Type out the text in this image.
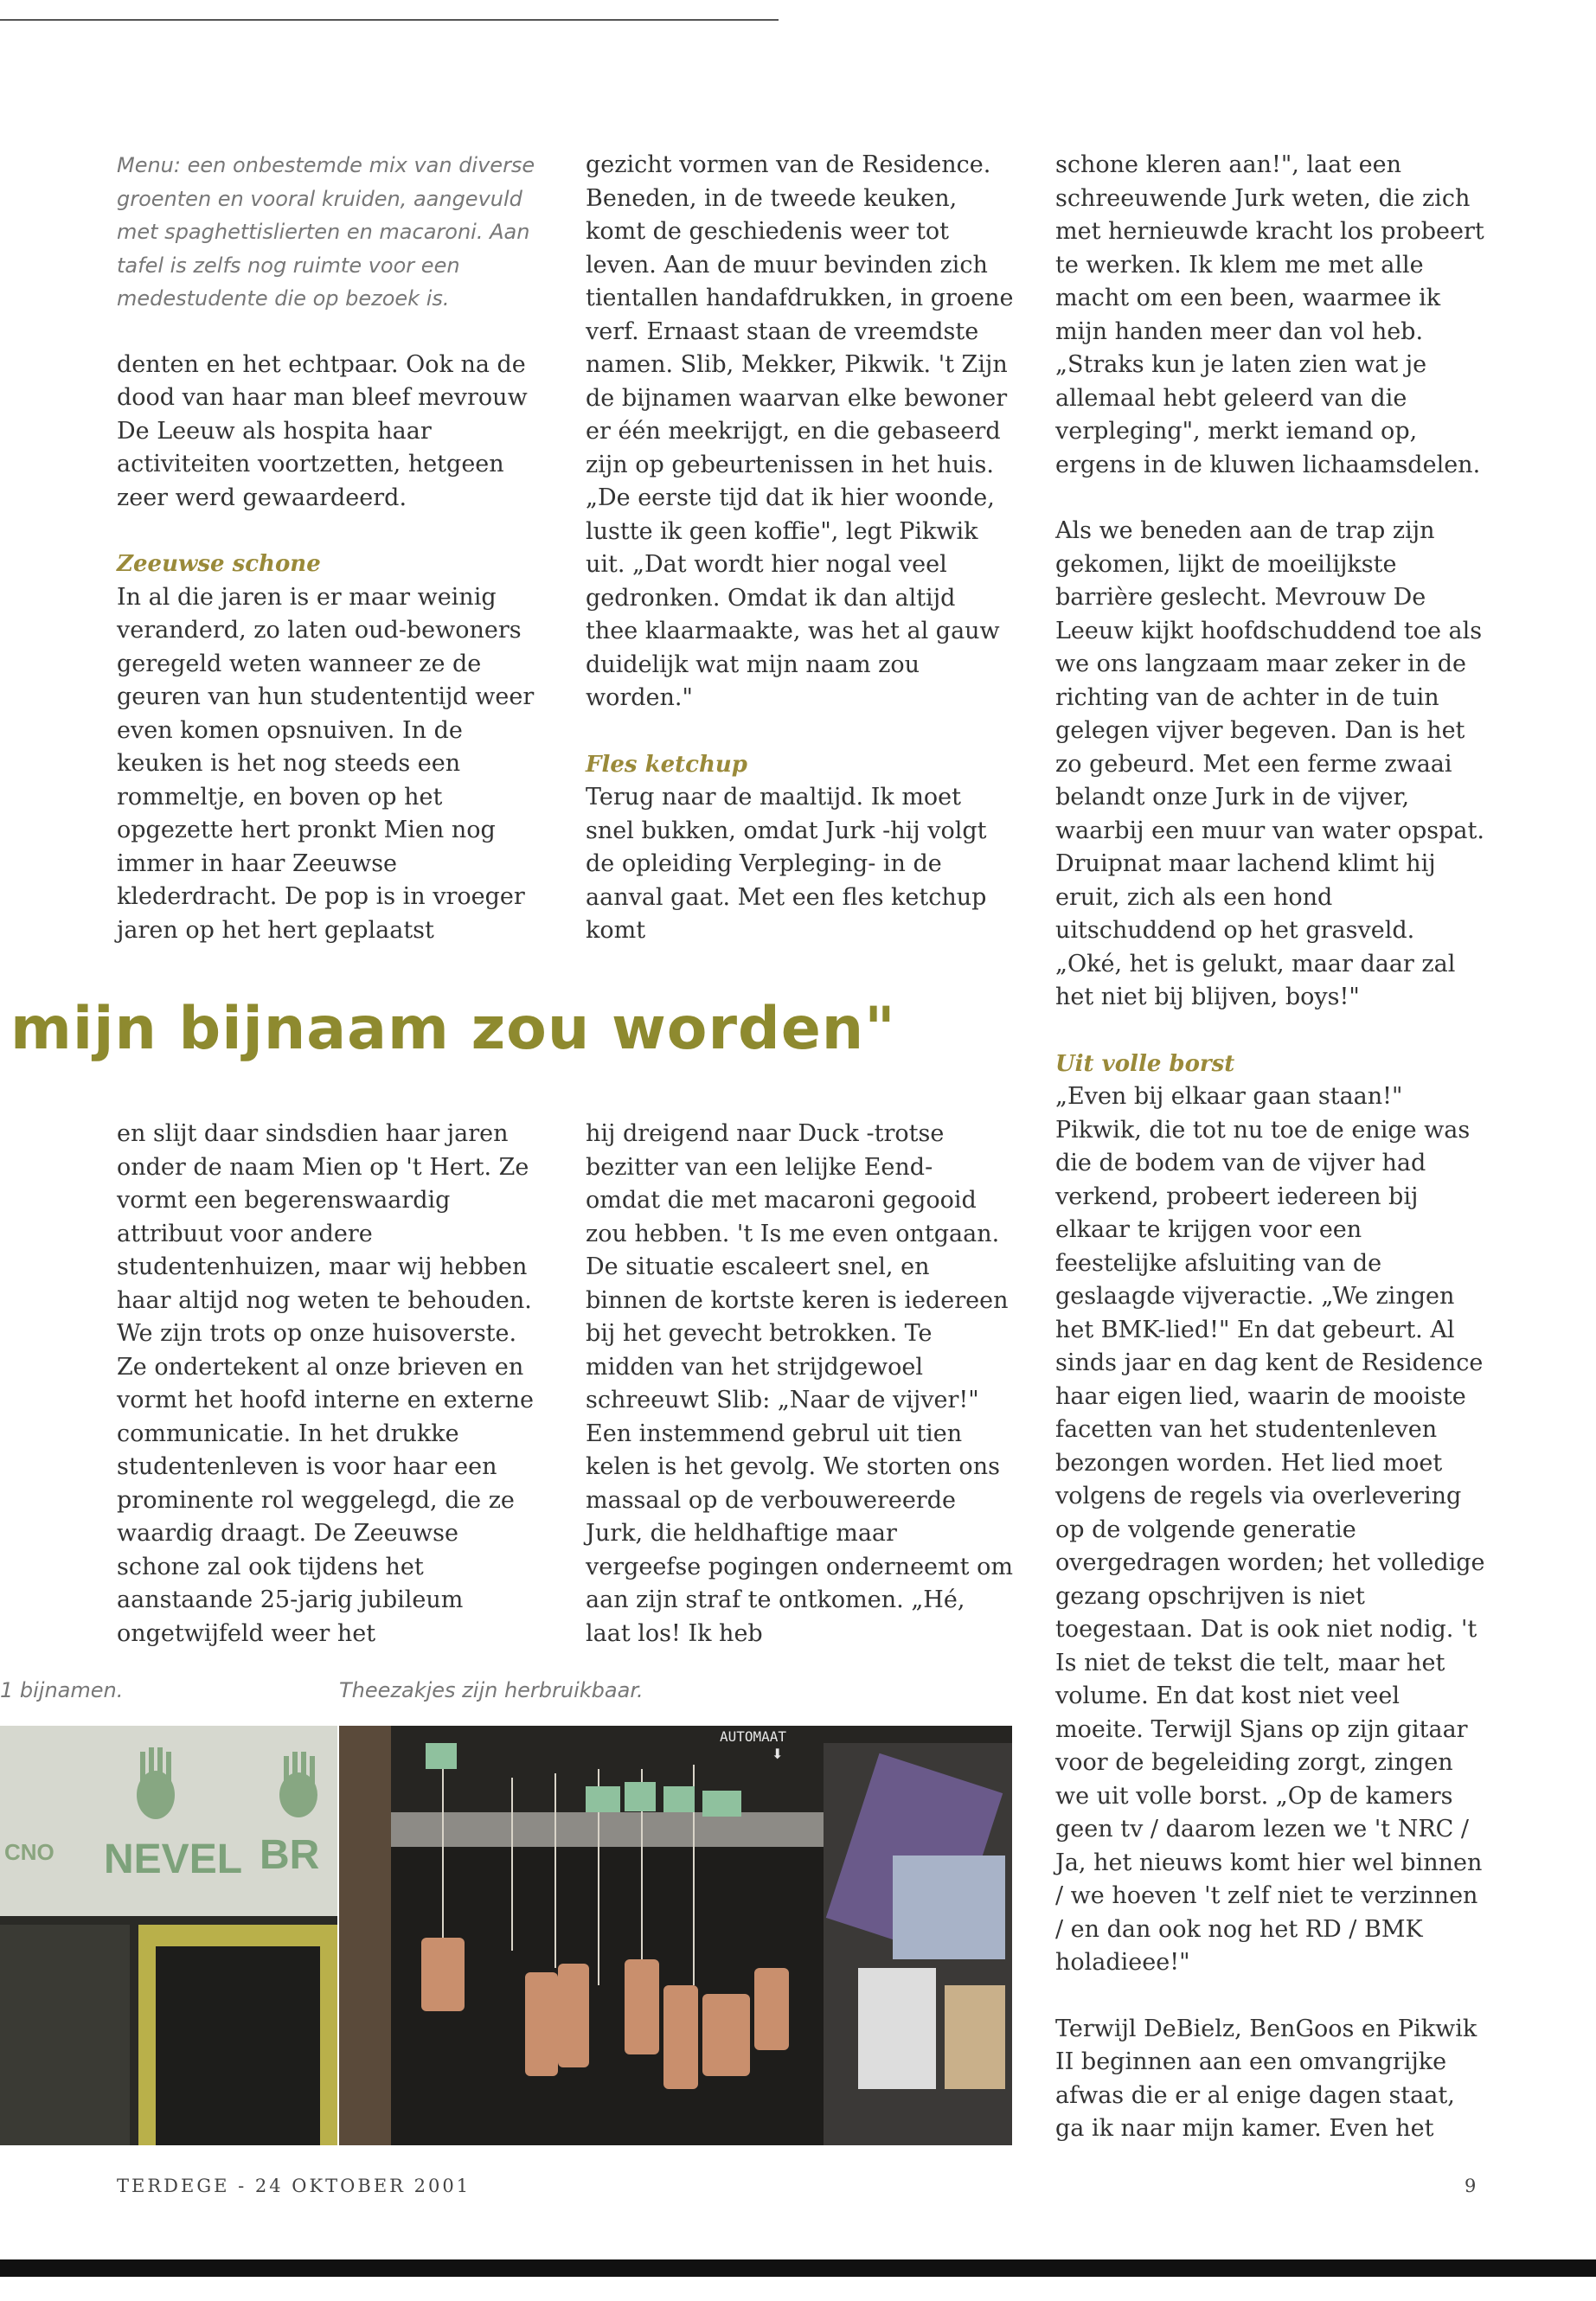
Menu: een onbestemde mix van diverse groenten en vooral kruiden, aangevuld met spaghettislierten en macaroni. Aan tafel is zelfs nog ruimte voor een medestudente die op bezoek is.

denten en het echtpaar. Ook na de dood van haar man bleef mevrouw De Leeuw als hospita haar activiteiten voortzetten, hetgeen zeer werd gewaardeerd.

Zeeuwse schone

In al die jaren is er maar weinig veranderd, zo laten oud-bewoners geregeld weten wanneer ze de geuren van hun studententijd weer even komen opsnuiven. In de keuken is het nog steeds een rommeltje, en boven op het opgezette hert pronkt Mien nog immer in haar Zeeuwse klederdracht. De pop is in vroeger jaren op het hert geplaatst

gezicht vormen van de Residence. Beneden, in de tweede keuken, komt de geschiedenis weer tot leven. Aan de muur bevinden zich tientallen handafdrukken, in groene verf. Ernaast staan de vreemdste namen. Slib, Mekker, Pikwik. 't Zijn de bijnamen waarvan elke bewoner er één meekrijgt, en die gebaseerd zijn op gebeurtenissen in het huis. „De eerste tijd dat ik hier woonde, lustte ik geen koffie", legt Pikwik uit. „Dat wordt hier nogal veel gedronken. Omdat ik dan altijd thee klaarmaakte, was het al gauw duidelijk wat mijn naam zou worden."

Fles ketchup

Terug naar de maaltijd. Ik moet snel bukken, omdat Jurk -hij volgt de opleiding Verpleging- in de aanval gaat. Met een fles ketchup komt

schone kleren aan!", laat een schreeuwende Jurk weten, die zich met hernieuwde kracht los probeert te werken. Ik klem me met alle macht om een been, waarmee ik mijn handen meer dan vol heb. „Straks kun je laten zien wat je allemaal hebt geleerd van die verpleging", merkt iemand op, ergens in de kluwen lichaamsdelen.

Als we beneden aan de trap zijn gekomen, lijkt de moeilijkste barrière geslecht. Mevrouw De Leeuw kijkt hoofdschuddend toe als we ons langzaam maar zeker in de richting van de achter in de tuin gelegen vijver begeven. Dan is het zo gebeurd. Met een ferme zwaai belandt onze Jurk in de vijver, waarbij een muur van water opspat. Druipnat maar lachend klimt hij eruit, zich als een hond uitschuddend op het grasveld. „Oké, het is gelukt, maar daar zal het niet bij blijven, boys!"

Uit volle borst

„Even bij elkaar gaan staan!" Pikwik, die tot nu toe de enige was die de bodem van de vijver had verkend, probeert iedereen bij elkaar te krijgen voor een feestelijke afsluiting van de geslaagde vijveractie. „We zingen het BMK-lied!" En dat gebeurt. Al sinds jaar en dag kent de Residence haar eigen lied, waarin de mooiste facetten van het studentenleven bezongen worden. Het lied moet volgens de regels via overlevering op de volgende generatie overgedragen worden; het volledige gezang opschrijven is niet toegestaan. Dat is ook niet nodig. 't Is niet de tekst die telt, maar het volume. En dat kost niet veel moeite. Terwijl Sjans op zijn gitaar voor de begeleiding zorgt, zingen we uit volle borst. „Op de kamers geen tv / daarom lezen we 't NRC / Ja, het nieuws komt hier wel binnen / we hoeven 't zelf niet te verzinnen / en dan ook nog het RD / BMK holadieee!"

Terwijl DeBielz, BenGoos en Pikwik II beginnen aan een omvangrijke afwas die er al enige dagen staat, ga ik naar mijn kamer. Even het

mijn bijnaam zou worden"

en slijt daar sindsdien haar jaren onder de naam Mien op 't Hert. Ze vormt een begerenswaardig attribuut voor andere studentenhuizen, maar wij hebben haar altijd nog weten te behouden. We zijn trots op onze huisoverste. Ze ondertekent al onze brieven en vormt het hoofd interne en externe communicatie. In het drukke studentenleven is voor haar een prominente rol weggelegd, die ze waardig draagt. De Zeeuwse schone zal ook tijdens het aanstaande 25-jarig jubileum ongetwijfeld weer het

hij dreigend naar Duck -trotse bezitter van een lelijke Eend- omdat die met macaroni gegooid zou hebben. 't Is me even ontgaan. De situatie escaleert snel, en binnen de kortste keren is iedereen bij het gevecht betrokken. Te midden van het strijdgewoel schreeuwt Slib: „Naar de vijver!" Een instemmend gebrul uit tien kelen is het gevolg. We storten ons massaal op de verbouwereerde Jurk, die heldhaftige maar vergeefse pogingen onderneemt om aan zijn straf te ontkomen. „Hé, laat los! Ik heb

1 bijnamen.	Theezakjes zijn herbruikbaar.
CNO NEVEL BR
AUTOMAAT
⬇
TERDEGE - 24 OKTOBER 2001	9
